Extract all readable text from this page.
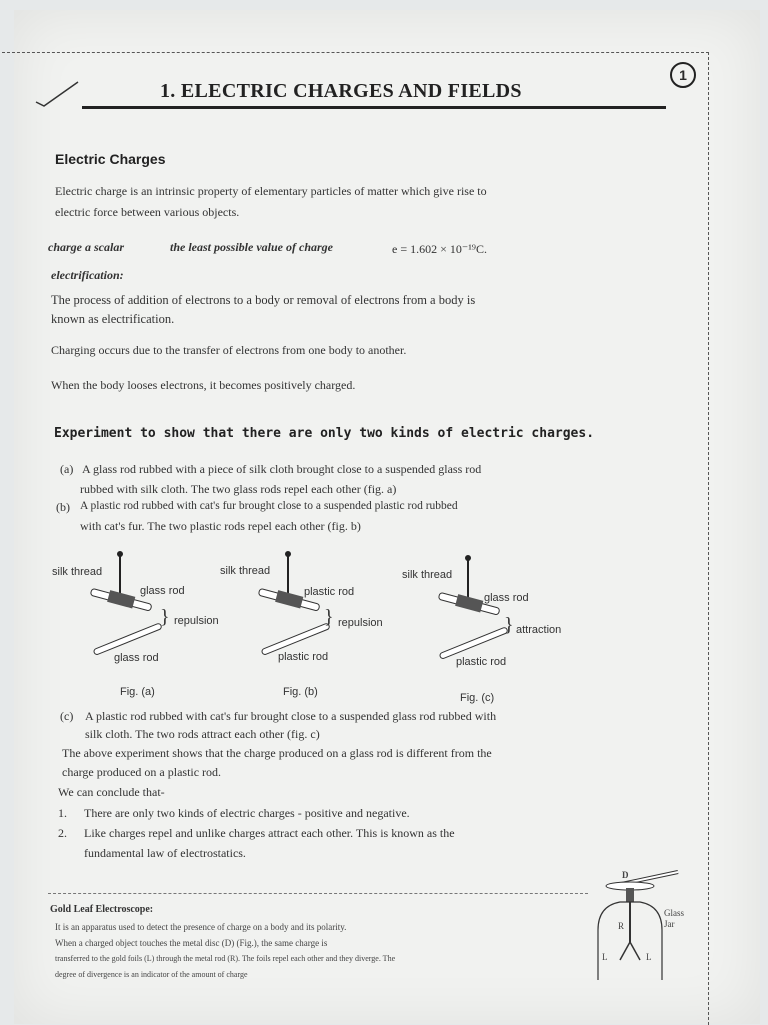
1
1. ELECTRIC CHARGES AND FIELDS

Electric Charges

Electric charge is an intrinsic property of elementary particles of matter which give rise to

electric force between various objects.

charge a scalar	the least possible value of charge	e = 1.602 × 10⁻¹⁹C.

electrification:

The process of addition of electrons to a body or removal of electrons from a body is

known as electrification.

Charging occurs due to the transfer of electrons from one body to another.

When the body looses electrons, it becomes positively charged.

Experiment to show that there are only two kinds of electric charges.

(a) A glass rod rubbed with a piece of silk cloth brought close to a suspended glass rod

rubbed with silk cloth. The two glass rods repel each other (fig. a)

(b) A plastic rod rubbed with cat's fur brought close to a suspended plastic rod rubbed

with cat's fur. The two plastic rods repel each other (fig. b)

silk thread

glass rod

} repulsion

glass rod

Fig. (a)

silk thread

plastic rod

} repulsion

plastic rod

Fig. (b)

silk thread

glass rod

} attraction

plastic rod

Fig. (c)

(c) A plastic rod rubbed with cat's fur brought close to a suspended glass rod rubbed with

silk cloth. The two rods attract each other (fig. c)

The above experiment shows that the charge produced on a glass rod is different from the

charge produced on a plastic rod.

We can conclude that-

1. There are only two kinds of electric charges - positive and negative.

2. Like charges repel and unlike charges attract each other. This is known as the

fundamental law of electrostatics.

Gold Leaf Electroscope:

It is an apparatus used to detect the presence of charge on a body and its polarity.

When a charged object touches the metal disc (D) (Fig.), the same charge is

transferred to the gold foils (L) through the metal rod (R). The foils repel each other and they diverge. The

degree of divergence is an indicator of the amount of charge

D

R

L	L

Glass
Jar
